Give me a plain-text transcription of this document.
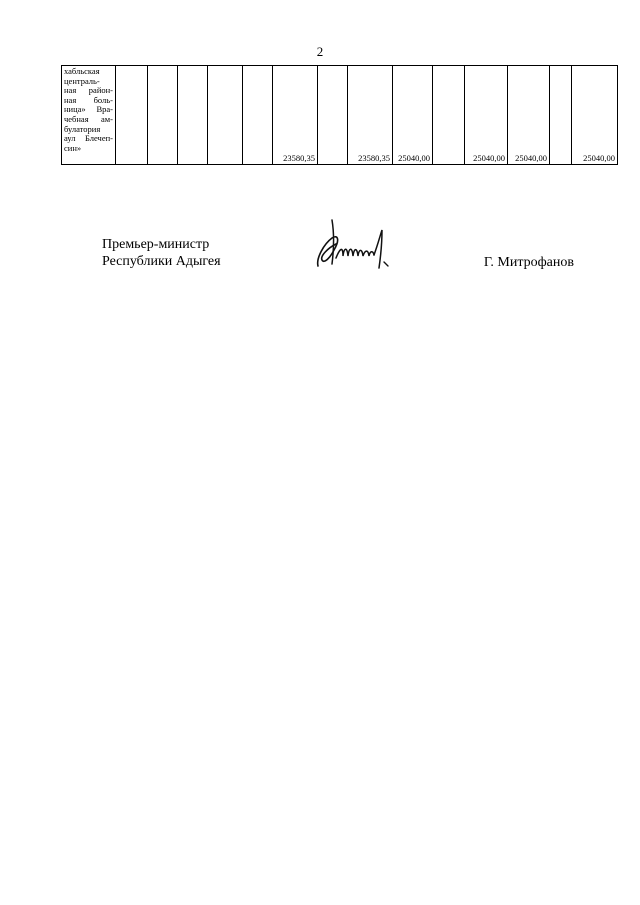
2
хабльская
централь-
ная район-
ная боль-
ница» Вра-
чебная ам-
булатория
аул Блечеп-
син»
						23580,35		23580,35	25040,00		25040,00	25040,00		25040,00
Премьер-министр
Республики Адыгея	Г. Митрофанов
